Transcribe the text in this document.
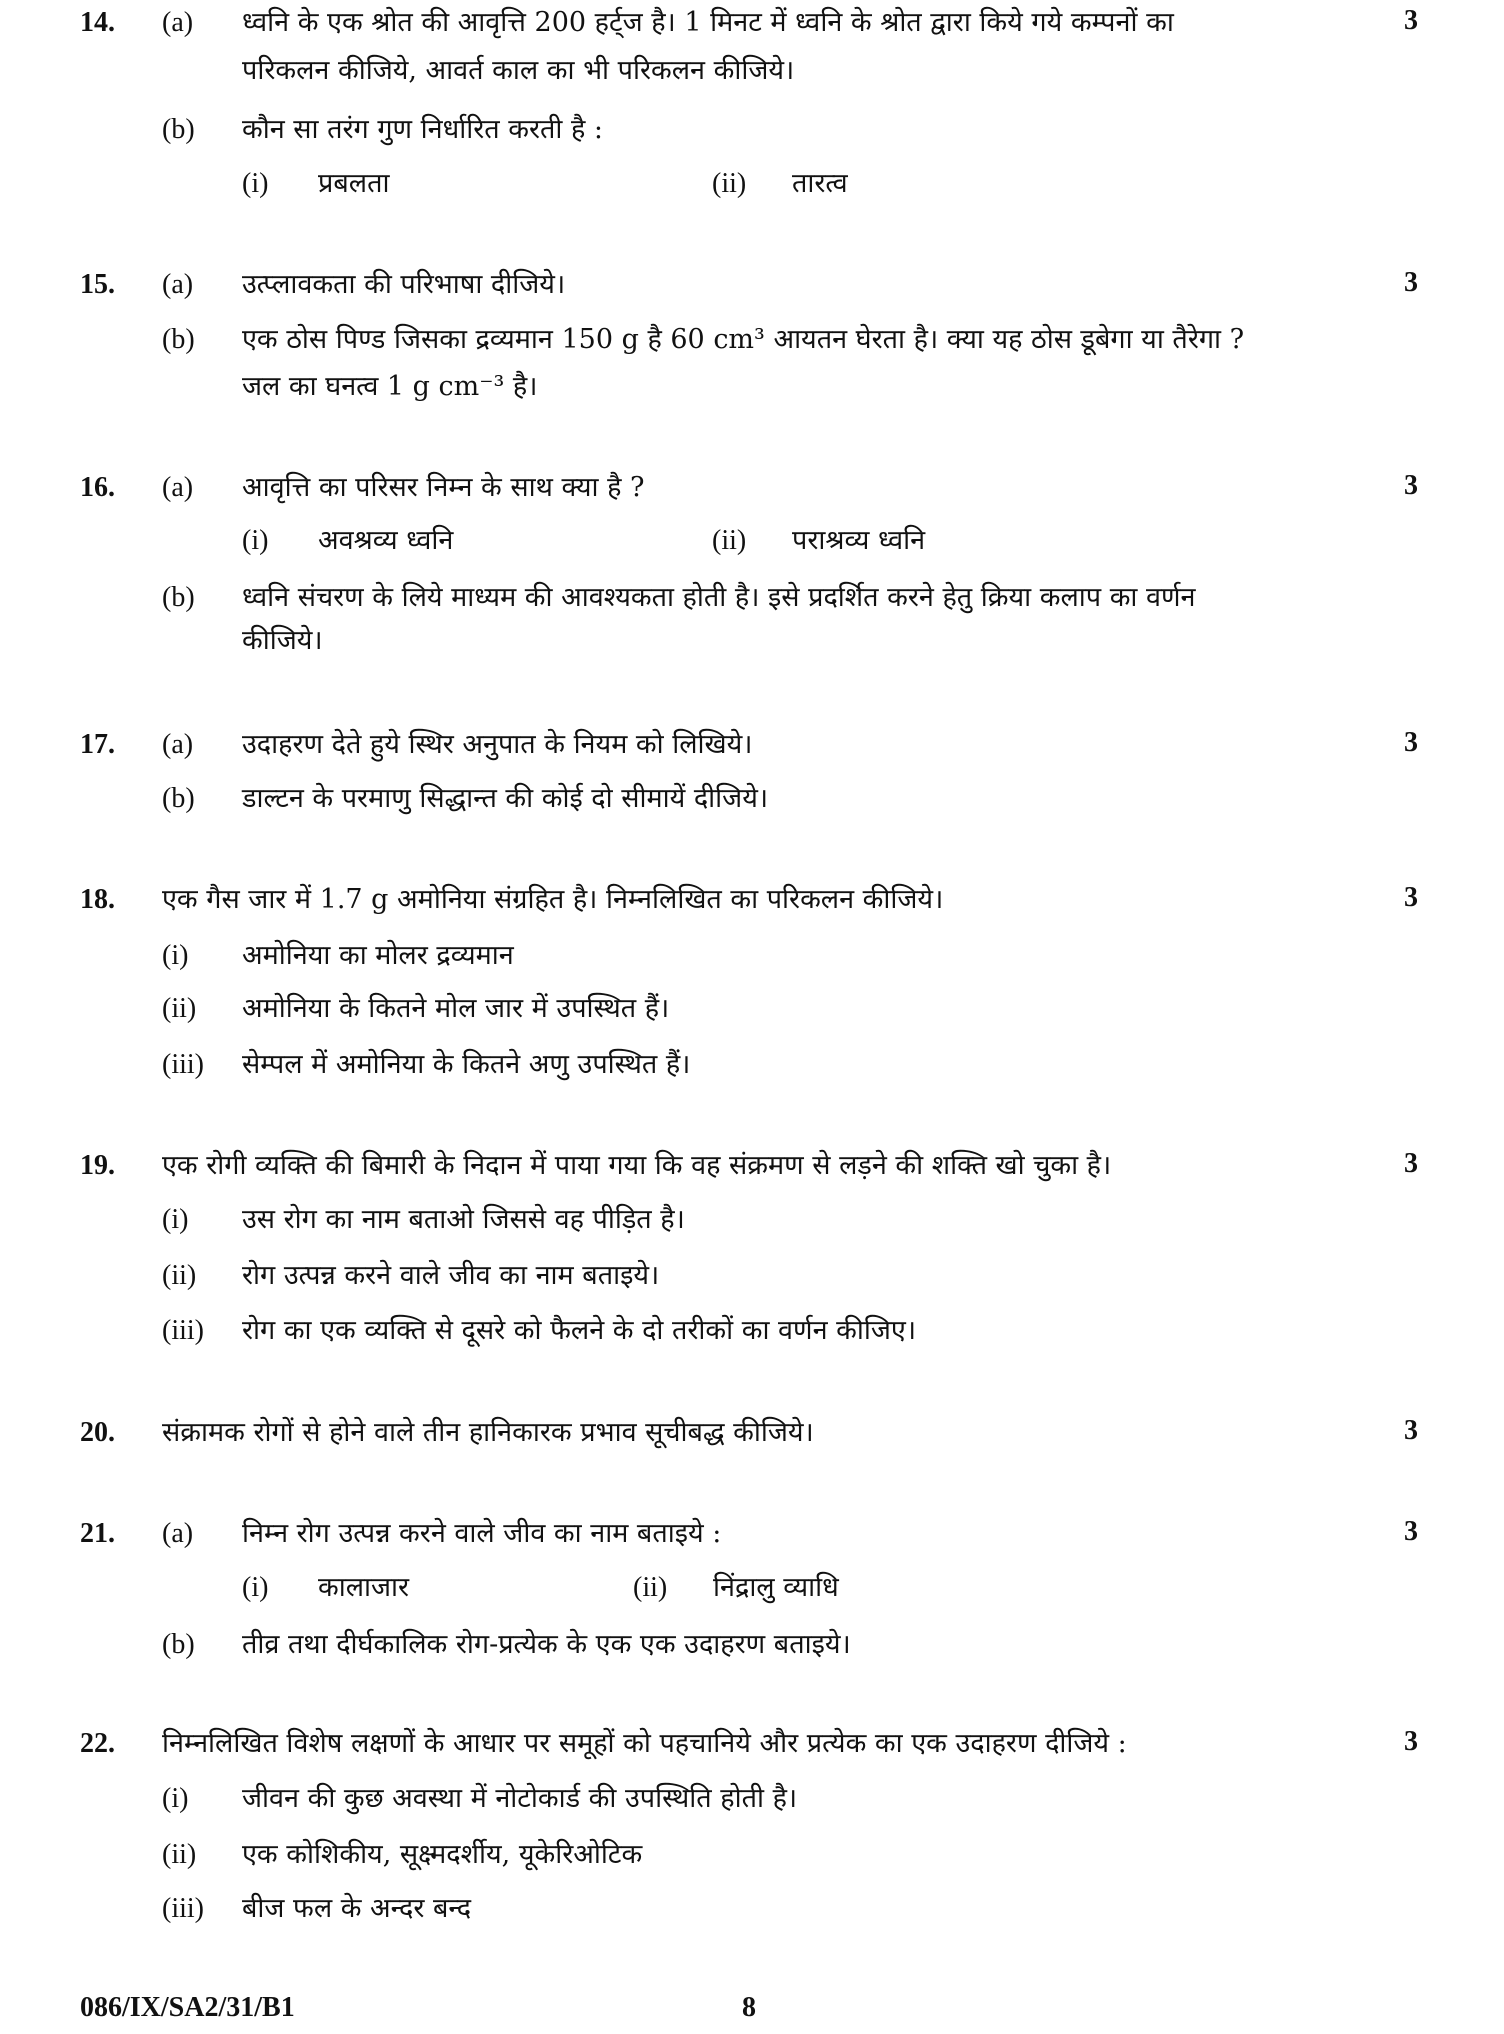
14. (a) ध्वनि के एक श्रोत की आवृत्ति 200 हर्ट्ज है। 1 मिनट में ध्वनि के श्रोत द्वारा किये गये कम्पनों का	3
परिकलन कीजिये, आवर्त काल का भी परिकलन कीजिये।
(b) कौन सा तरंग गुण निर्धारित करती है :
(i) प्रबलता	(ii) तारत्व
15. (a) उत्प्लावकता की परिभाषा दीजिये।	3
(b) एक ठोस पिण्ड जिसका द्रव्यमान 150 g है 60 cm³ आयतन घेरता है। क्या यह ठोस डूबेगा या तैरेगा ?
जल का घनत्व 1 g cm⁻³ है।
16. (a) आवृत्ति का परिसर निम्न के साथ क्या है ?	3
(i) अवश्रव्य ध्वनि	(ii) पराश्रव्य ध्वनि
(b) ध्वनि संचरण के लिये माध्यम की आवश्यकता होती है। इसे प्रदर्शित करने हेतु क्रिया कलाप का वर्णन
कीजिये।
17. (a) उदाहरण देते हुये स्थिर अनुपात के नियम को लिखिये।	3
(b) डाल्टन के परमाणु सिद्धान्त की कोई दो सीमायें दीजिये।
18. एक गैस जार में 1.7 g अमोनिया संग्रहित है। निम्नलिखित का परिकलन कीजिये।	3
(i) अमोनिया का मोलर द्रव्यमान
(ii) अमोनिया के कितने मोल जार में उपस्थित हैं।
(iii) सेम्पल में अमोनिया के कितने अणु उपस्थित हैं।
19. एक रोगी व्यक्ति की बिमारी के निदान में पाया गया कि वह संक्रमण से लड़ने की शक्ति खो चुका है।	3
(i) उस रोग का नाम बताओ जिससे वह पीड़ित है।
(ii) रोग उत्पन्न करने वाले जीव का नाम बताइये।
(iii) रोग का एक व्यक्ति से दूसरे को फैलने के दो तरीकों का वर्णन कीजिए।
20. संक्रामक रोगों से होने वाले तीन हानिकारक प्रभाव सूचीबद्ध कीजिये।	3
21. (a) निम्न रोग उत्पन्न करने वाले जीव का नाम बताइये :	3
(i) कालाजार	(ii) निंद्रालु व्याधि
(b) तीव्र तथा दीर्घकालिक रोग-प्रत्येक के एक एक उदाहरण बताइये।
22. निम्नलिखित विशेष लक्षणों के आधार पर समूहों को पहचानिये और प्रत्येक का एक उदाहरण दीजिये :	3
(i) जीवन की कुछ अवस्था में नोटोकार्ड की उपस्थिति होती है।
(ii) एक कोशिकीय, सूक्ष्मदर्शीय, यूकेरिओटिक
(iii) बीज फल के अन्दर बन्द
086/IX/SA2/31/B1	8
